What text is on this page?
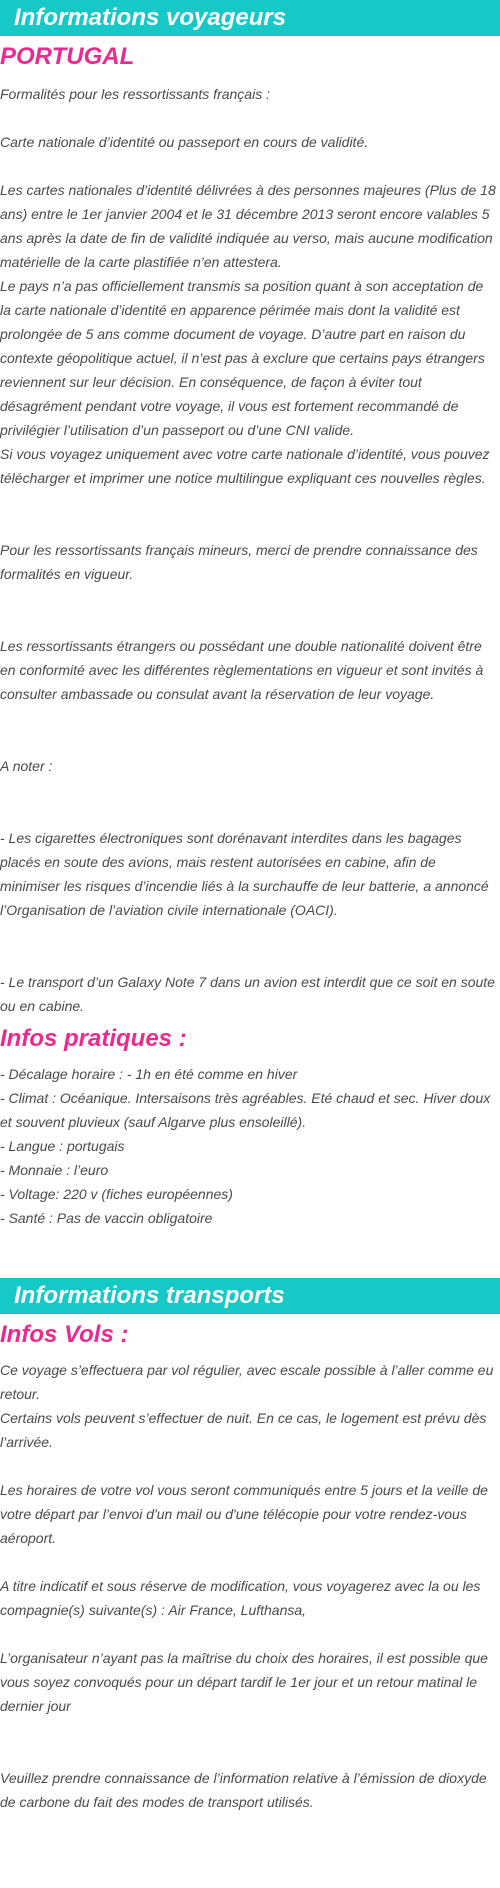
Informations voyageurs
PORTUGAL

Formalités pour les ressortissants français :

Carte nationale d’identité ou passeport en cours de validité.

Les cartes nationales d’identité délivrées à des personnes majeures (Plus de 18 ans) entre le 1er janvier 2004 et le 31 décembre 2013 seront encore valables 5 ans après la date de fin de validité indiquée au verso, mais aucune modification matérielle de la carte plastifiée n’en attestera.

Le pays n’a pas officiellement transmis sa position quant à son acceptation de la carte nationale d’identité en apparence périmée mais dont la validité est prolongée de 5 ans comme document de voyage. D’autre part en raison du contexte géopolitique actuel, il n’est pas à exclure que certains pays étrangers reviennent sur leur décision. En conséquence, de façon à éviter tout désagrément pendant votre voyage, il vous est fortement recommandé de privilégier l’utilisation d’un passeport ou d’une CNI valide.

Si vous voyagez uniquement avec votre carte nationale d’identité, vous pouvez télécharger et imprimer une notice multilingue expliquant ces nouvelles règles.

Pour les ressortissants français mineurs, merci de prendre connaissance des formalités en vigueur.

Les ressortissants étrangers ou possédant une double nationalité doivent être en conformité avec les différentes règlementations en vigueur et sont invités à consulter ambassade ou consulat avant la réservation de leur voyage.

A noter :

- Les cigarettes électroniques sont dorénavant interdites dans les bagages placés en soute des avions, mais restent autorisées en cabine, afin de minimiser les risques d’incendie liés à la surchauffe de leur batterie, a annoncé l’Organisation de l’aviation civile internationale (OACI).

- Le transport d’un Galaxy Note 7 dans un avion est interdit que ce soit en soute ou en cabine.

Infos pratiques :

- Décalage horaire : - 1h en été comme en hiver

- Climat : Océanique. Intersaisons très agréables. Eté chaud et sec. Hiver doux et souvent pluvieux (sauf Algarve plus ensoleillé).

- Langue : portugais

- Monnaie : l’euro

- Voltage: 220 v (fiches européennes)

- Santé : Pas de vaccin obligatoire

Informations transports
Infos Vols :

Ce voyage s’effectuera par vol régulier, avec escale possible à l’aller comme eu retour.

Certains vols peuvent s’effectuer de nuit. En ce cas, le logement est prévu dès l’arrivée.

Les horaires de votre vol vous seront communiqués entre 5 jours et la veille de votre départ par l’envoi d'un mail ou d'une télécopie pour votre rendez-vous aéroport.

A titre indicatif et sous réserve de modification, vous voyagerez avec la ou les compagnie(s) suivante(s) : Air France, Lufthansa,

L’organisateur n’ayant pas la maîtrise du choix des horaires, il est possible que vous soyez convoqués pour un départ tardif le 1er jour et un retour matinal le dernier jour

Veuillez prendre connaissance de l’information relative à l’émission de dioxyde de carbone du fait des modes de transport utilisés.
